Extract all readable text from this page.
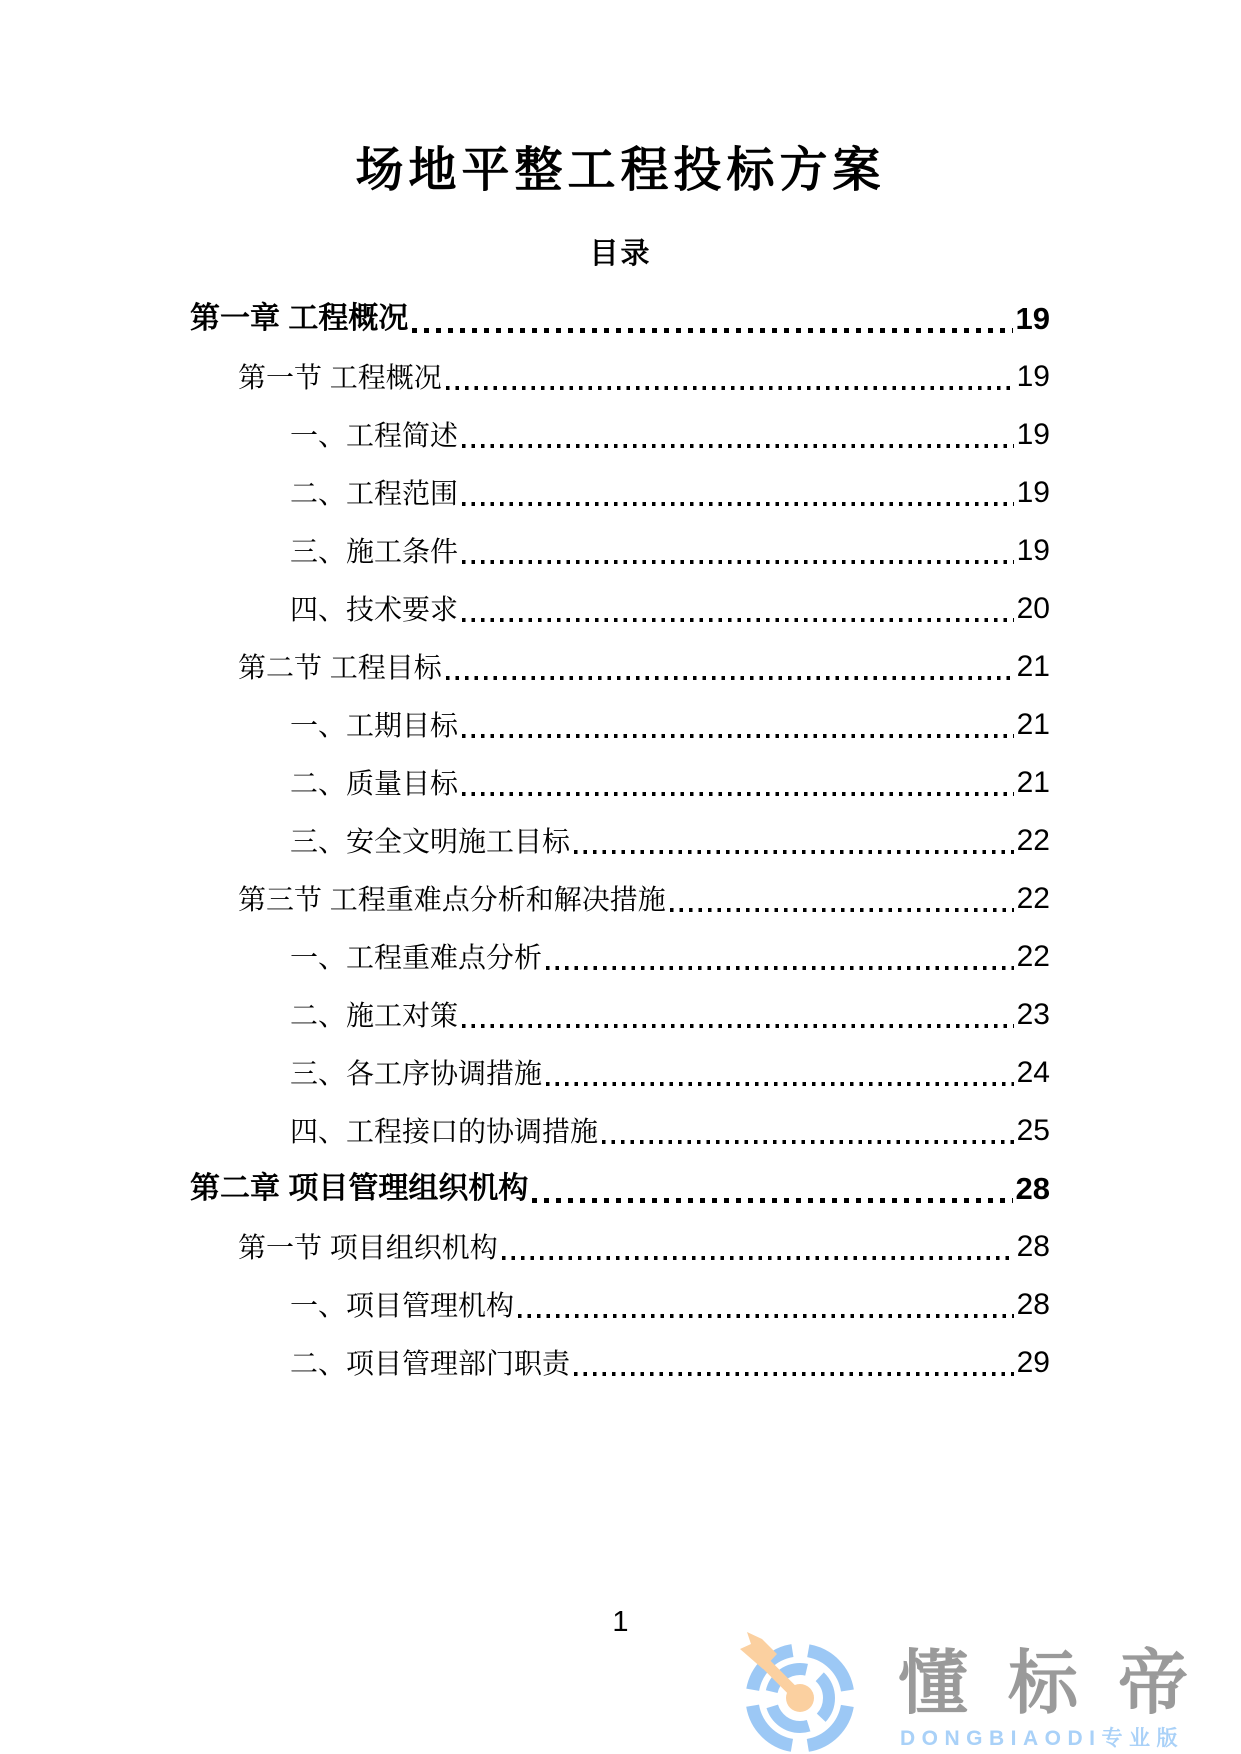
场地平整工程投标方案
目录
第一章 工程概况	19
第一节 工程概况	19
一、工程简述	19
二、工程范围	19
三、施工条件	19
四、技术要求	20
第二节 工程目标	21
一、工期目标	21
二、质量目标	21
三、安全文明施工目标	22
第三节 工程重难点分析和解决措施	22
一、工程重难点分析	22
二、施工对策	23
三、各工序协调措施	24
四、工程接口的协调措施	25
第二章 项目管理组织机构	28
第一节 项目组织机构	28
一、项目管理机构	28
二、项目管理部门职责	29
1
懂标帝
DONGBIAODI专业版
